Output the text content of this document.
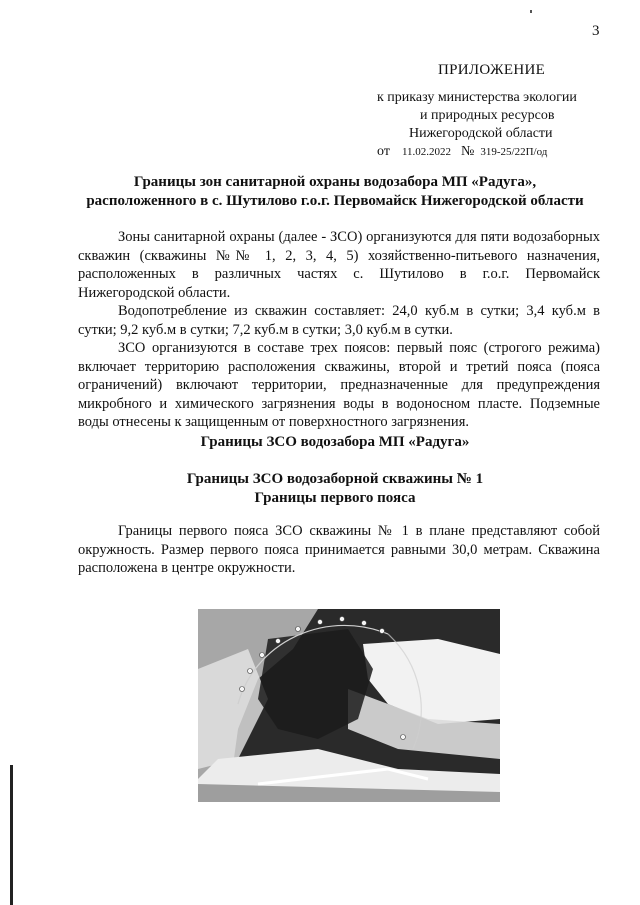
3
ПРИЛОЖЕНИЕ
к приказу министерства экологии
и природных ресурсов
Нижегородской области
от 11.02.2022 № 319-25/22П/од
Границы зон санитарной охраны водозабора МП «Радуга»,
расположенного в с. Шутилово г.о.г. Первомайск Нижегородской области

Зоны санитарной охраны (далее - ЗСО) организуются для пяти водозаборных скважин (скважины №№ 1, 2, 3, 4, 5) хозяйственно-питьевого назначения, расположенных в различных частях с. Шутилово в г.о.г. Первомайск Нижегородской области.

Водопотребление из скважин составляет: 24,0 куб.м в сутки; 3,4 куб.м в сутки; 9,2 куб.м в сутки; 7,2 куб.м в сутки; 3,0 куб.м в сутки.

ЗСО организуются в составе трех поясов: первый пояс (строгого режима) включает территорию расположения скважины, второй и третий пояса (пояса ограничений) включают территории, предназначенные для предупреждения микробного и химического загрязнения воды в водоносном пласте. Подземные воды отнесены к защищенным от поверхностного загрязнения.

Границы ЗСО водозабора МП «Радуга»
Границы ЗСО водозаборной скважины № 1
Границы первого пояса

Границы первого пояса ЗСО скважины № 1 в плане представляют собой окружность. Размер первого пояса принимается равными 30,0 метрам. Скважина расположена в центре окружности.
